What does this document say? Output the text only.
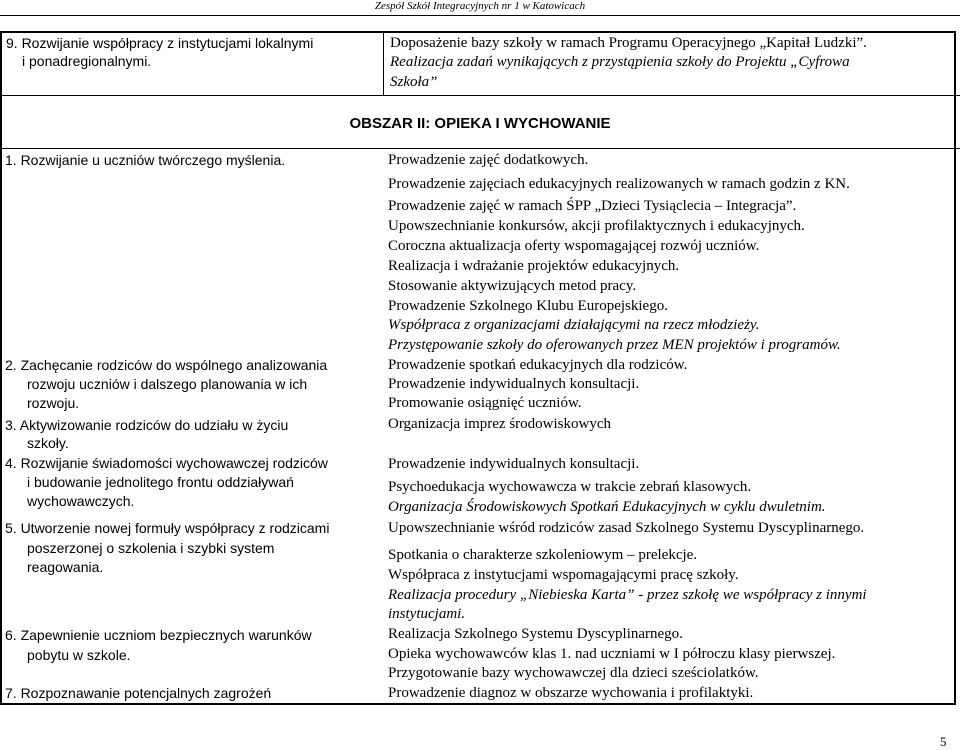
Zespół Szkół Integracyjnych nr 1 w Katowicach
9. Rozwijanie współpracy z instytucjami lokalnymi
i ponadregionalnymi.
Doposażenie bazy szkoły w ramach Programu Operacyjnego „Kapitał Ludzki”.
Realizacja zadań wynikających z przystąpienia szkoły do Projektu „Cyfrowa
Szkoła”
OBSZAR II: OPIEKA I WYCHOWANIE
1. Rozwijanie u uczniów twórczego myślenia.
2. Zachęcanie rodziców do wspólnego analizowania
rozwoju uczniów i dalszego planowania w ich
rozwoju.
3. Aktywizowanie rodziców do udziału w życiu
szkoły.
4. Rozwijanie świadomości wychowawczej rodziców
i budowanie jednolitego frontu oddziaływań
wychowawczych.
5. Utworzenie nowej formuły współpracy z rodzicami
poszerzonej o szkolenia i szybki system
reagowania.
6. Zapewnienie uczniom bezpiecznych warunków
pobytu w szkole.
7. Rozpoznawanie potencjalnych zagrożeń
Prowadzenie zajęć dodatkowych.
Prowadzenie zajęciach edukacyjnych realizowanych w ramach godzin z KN.
Prowadzenie zajęć w ramach ŚPP „Dzieci Tysiąclecia – Integracja”.
Upowszechnianie konkursów, akcji profilaktycznych i edukacyjnych.
Coroczna aktualizacja oferty wspomagającej rozwój uczniów.
Realizacja i wdrażanie projektów edukacyjnych.
Stosowanie aktywizujących metod pracy.
Prowadzenie Szkolnego Klubu Europejskiego.
Współpraca z organizacjami działającymi na rzecz młodzieży.
Przystępowanie szkoły do oferowanych przez MEN projektów i programów.
Prowadzenie spotkań edukacyjnych dla rodziców.
Prowadzenie indywidualnych konsultacji.
Promowanie osiągnięć uczniów.
Organizacja imprez środowiskowych
Prowadzenie indywidualnych konsultacji.
Psychoedukacja wychowawcza w trakcie zebrań klasowych.
Organizacja Środowiskowych Spotkań Edukacyjnych w cyklu dwuletnim.
Upowszechnianie wśród rodziców zasad Szkolnego Systemu Dyscyplinarnego.
Spotkania o charakterze szkoleniowym – prelekcje.
Współpraca z instytucjami wspomagającymi pracę szkoły.
Realizacja procedury „Niebieska Karta” - przez szkołę we współpracy z innymi
instytucjami.
Realizacja Szkolnego Systemu Dyscyplinarnego.
Opieka wychowawców klas 1. nad uczniami w I półroczu klasy pierwszej.
Przygotowanie bazy wychowawczej dla dzieci sześciolatków.
Prowadzenie diagnoz w obszarze wychowania i profilaktyki.
5
